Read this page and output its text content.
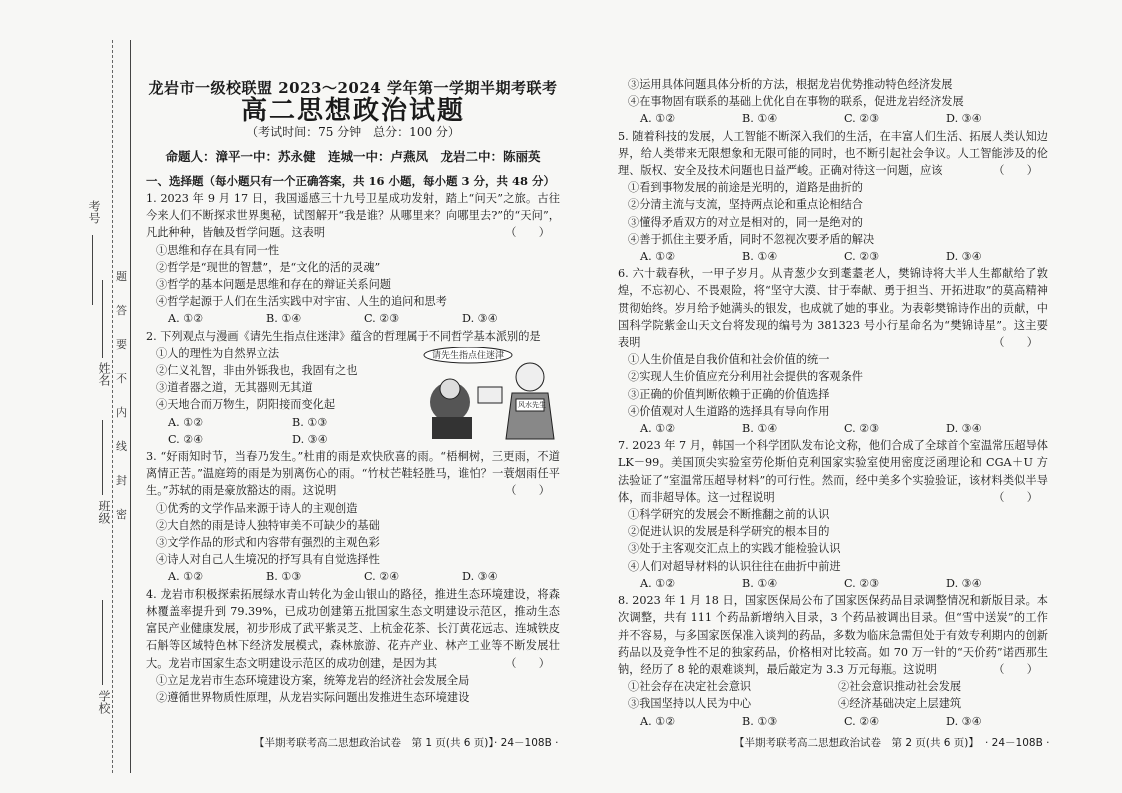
考号
姓名
班级
学校
题
答
要
不
内
线
封
密
龙岩市一级校联盟 2023～2024 学年第一学期半期考联考
高二思想政治试题
（考试时间：75 分钟　总分：100 分）
命题人：漳平一中：苏永健　连城一中：卢燕凤　龙岩二中：陈丽英
一、选择题（每小题只有一个正确答案，共 16 小题，每小题 3 分，共 48 分）

1. 2023 年 9 月 17 日，我国遥感三十九号卫星成功发射，踏上“问天”之旅。古往今来人们不断探求世界奥秘，试图解开“我是谁？从哪里来？向哪里去?”的“天问”，凡此种种，皆触及哲学问题。这表明	（　　）

①思维和存在具有同一性

②哲学是“现世的智慧”，是“文化的活的灵魂”

③哲学的基本问题是思维和存在的辩证关系问题

④哲学起源于人们在生活实践中对宇宙、人生的追问和思考

A. ①②	B. ①④	C. ②③	D. ③④

2. 下列观点与漫画《请先生指点住迷津》蕴含的哲理属于不同哲学基本派别的是

①人的理性为自然界立法

②仁义礼智，非由外铄我也，我固有之也

③道者器之道，无其器则无其道

④天地合而万物生，阴阳接而变化起

A. ①②	B. ①③
C. ②④	D. ③④

3. “好雨知时节，当春乃发生。”杜甫的雨是欢快欣喜的雨。“梧桐树，三更雨，不道离情正苦。”温庭筠的雨是为别离伤心的雨。“竹杖芒鞋轻胜马，谁怕？一蓑烟雨任平生。”苏轼的雨是豪放豁达的雨。这说明	（　　）

①优秀的文学作品来源于诗人的主观创造

②大自然的雨是诗人独特审美不可缺少的基础

③文学作品的形式和内容带有强烈的主观色彩

④诗人对自己人生境况的抒写具有自觉选择性

A. ①②	B. ①③	C. ②④	D. ③④

4. 龙岩市积极探索拓展绿水青山转化为金山银山的路径，推进生态环境建设，将森林覆盖率提升到 79.39%，已成功创建第五批国家生态文明建设示范区，推动生态富民产业健康发展，初步形成了武平紫灵芝、上杭金花茶、长汀黄花远志、连城铁皮石斛等区域特色林下经济发展模式，森林旅游、花卉产业、林产工业等不断发展壮大。龙岩市国家生态文明建设示范区的成功创建，是因为其	（　　）

①立足龙岩市生态环境建设方案，统筹龙岩的经济社会发展全局

②遵循世界物质性原理，从龙岩实际问题出发推进生态环境建设

请先生指点住迷津
风水先生

③运用具体问题具体分析的方法，根据龙岩优势推动特色经济发展

④在事物固有联系的基础上优化自在事物的联系，促进龙岩经济发展

A. ①②	B. ①④	C. ②③	D. ③④

5. 随着科技的发展，人工智能不断深入我们的生活，在丰富人们生活、拓展人类认知边界，给人类带来无限想象和无限可能的同时，也不断引起社会争议。人工智能涉及的伦理、版权、安全及技术问题也日益严峻。正确对待这一问题，应该	（　　）

①看到事物发展的前途是光明的，道路是曲折的

②分清主流与支流，坚持两点论和重点论相结合

③懂得矛盾双方的对立是相对的，同一是绝对的

④善于抓住主要矛盾，同时不忽视次要矛盾的解决

A. ①②	B. ①④	C. ②③	D. ③④

6. 六十载春秋，一甲子岁月。从青葱少女到耄耋老人，樊锦诗将大半人生都献给了敦煌，不忘初心、不畏艰险，将“坚守大漠、甘于奉献、勇于担当、开拓进取”的莫高精神贯彻始终。岁月给予她满头的银发，也成就了她的事业。为表彰樊锦诗作出的贡献，中国科学院紫金山天文台将发现的编号为 381323 号小行星命名为“樊锦诗星”。这主要表明	（　　）

①人生价值是自我价值和社会价值的统一

②实现人生价值应充分利用社会提供的客观条件

③正确的价值判断依赖于正确的价值选择

④价值观对人生道路的选择具有导向作用

A. ①②	B. ①④	C. ②③	D. ③④

7. 2023 年 7 月，韩国一个科学团队发布论文称，他们合成了全球首个室温常压超导体 LK－99。美国顶尖实验室劳伦斯伯克利国家实验室使用密度泛函理论和 CGA＋U 方法验证了“室温常压超导材料”的可行性。然而，经中美多个实验验证，该材料类似半导体，而非超导体。这一过程说明	（　　）

①科学研究的发展会不断推翻之前的认识

②促进认识的发展是科学研究的根本目的

③处于主客观交汇点上的实践才能检验认识

④人们对超导材料的认识往往在曲折中前进

A. ①②	B. ①④	C. ②③	D. ③④

8. 2023 年 1 月 18 日，国家医保局公布了国家医保药品目录调整情况和新版目录。本次调整，共有 111 个药品新增纳入目录，3 个药品被调出目录。但“雪中送炭”的工作并不容易，与多国家医保准入谈判的药品，多数为临床急需但处于有效专利期内的创新药品以及竞争性不足的独家药品，价格相对比较高。如 70 万一针的“天价药”诺西那生钠，经历了 8 轮的艰难谈判，最后敲定为 3.3 万元每瓶。这说明	（　　）

①社会存在决定社会意识	②社会意识推动社会发展
③我国坚持以人民为中心	④经济基础决定上层建筑
A. ①②	B. ①③	C. ②④	D. ③④
【半期考联考高二思想政治试卷　第 1 页(共 6 页)】
· 24－108B ·	【半期考联考高二思想政治试卷　第 2 页(共 6 页)】 · 24－108B ·
